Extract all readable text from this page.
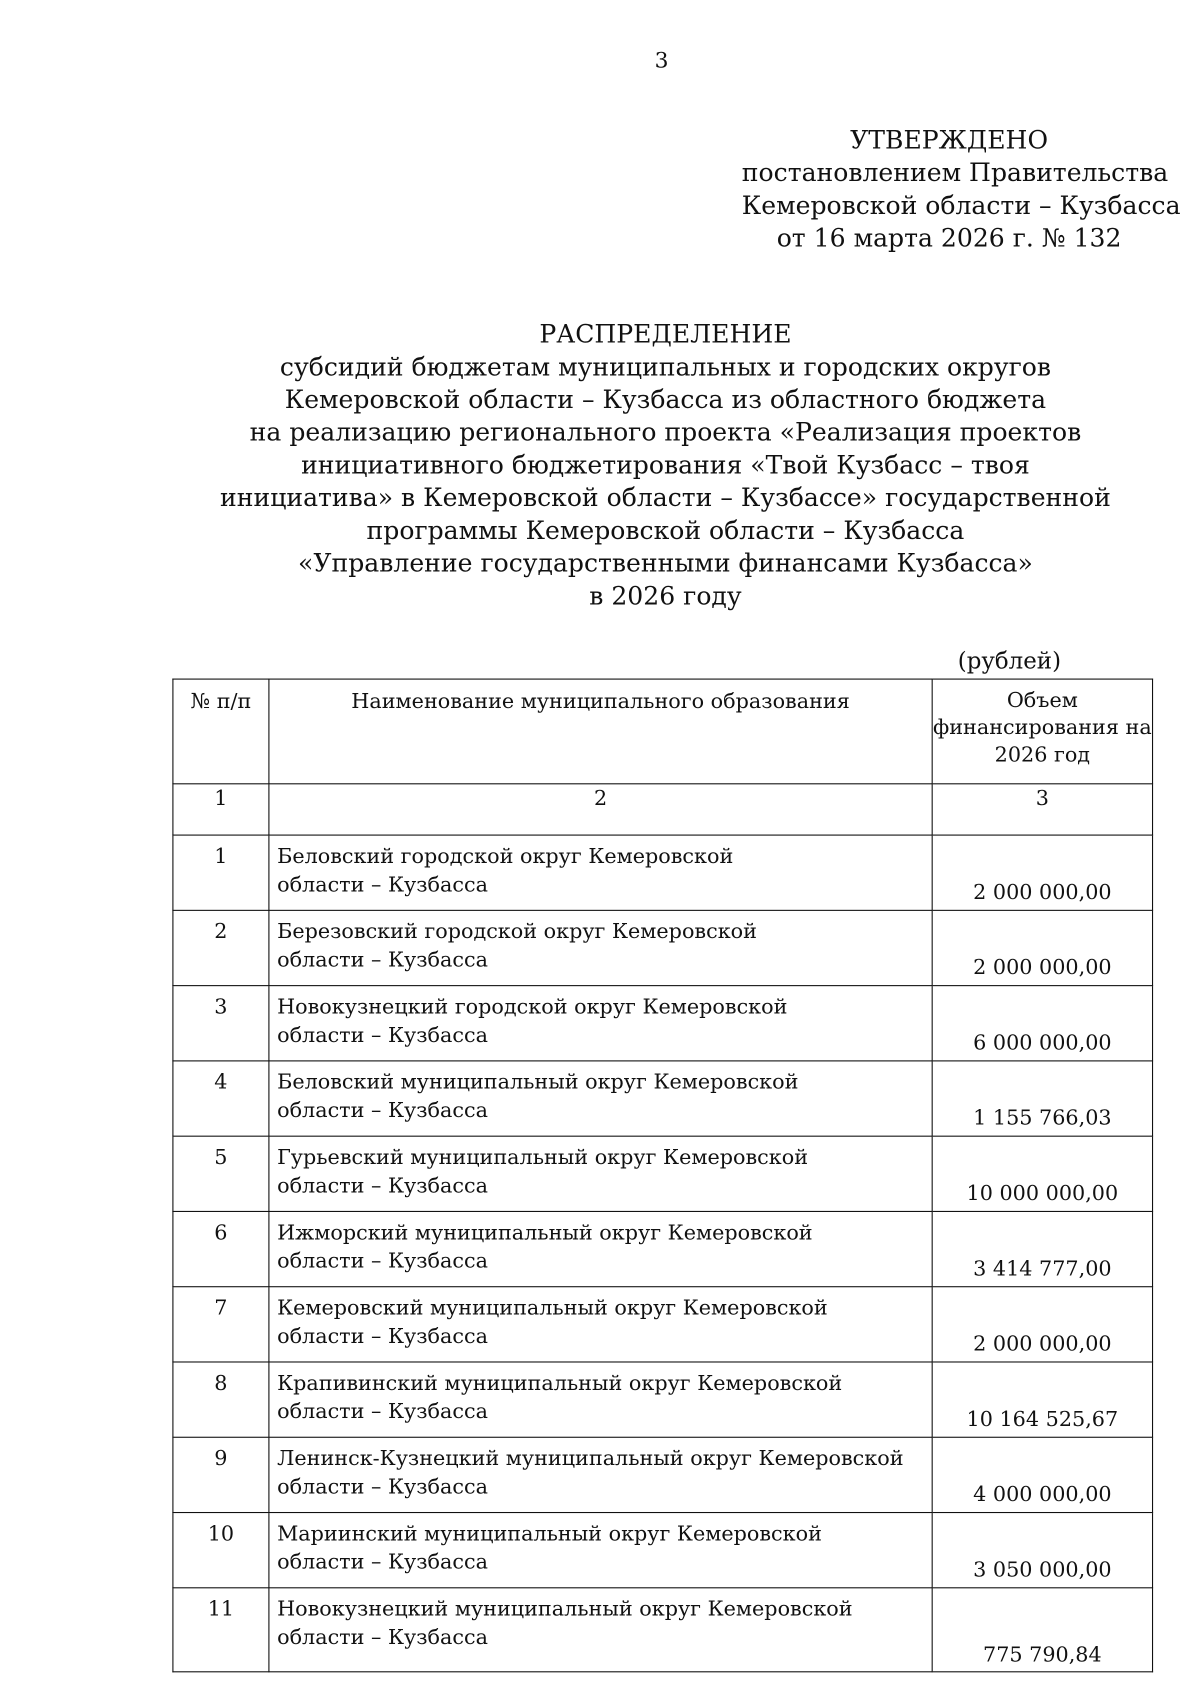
3
УТВЕРЖДЕНО
постановлением Правительства
Кемеровской области – Кузбасса
от 16 марта 2026 г. № 132
РАСПРЕДЕЛЕНИЕ
субсидий бюджетам муниципальных и городских округов
Кемеровской области – Кузбасса из областного бюджета
на реализацию регионального проекта «Реализация проектов
инициативного бюджетирования «Твой Кузбасс – твоя
инициатива» в Кемеровской области – Кузбассе» государственной
программы Кемеровской области – Кузбасса
«Управление государственными финансами Кузбасса»
в 2026 году
(рублей)
№ п/п	Наименование муниципального образования	Объем
финансирования на
2026 год

1	2	3
1	Беловский городской округ Кемеровской
области – Кузбасса	2 000 000,00
2	Березовский городской округ Кемеровской
области – Кузбасса	2 000 000,00
3	Новокузнецкий городской округ Кемеровской
области – Кузбасса	6 000 000,00
4	Беловский муниципальный округ Кемеровской
области – Кузбасса	1 155 766,03
5	Гурьевский муниципальный округ Кемеровской
области – Кузбасса	10 000 000,00
6	Ижморский муниципальный округ Кемеровской
области – Кузбасса	3 414 777,00
7	Кемеровский муниципальный округ Кемеровской
области – Кузбасса	2 000 000,00
8	Крапивинский муниципальный округ Кемеровской
области – Кузбасса	10 164 525,67
9	Ленинск-Кузнецкий муниципальный округ Кемеровской
области – Кузбасса	4 000 000,00
10	Мариинский муниципальный округ Кемеровской
области – Кузбасса	3 050 000,00
11	Новокузнецкий муниципальный округ Кемеровской
области – Кузбасса	775 790,84
